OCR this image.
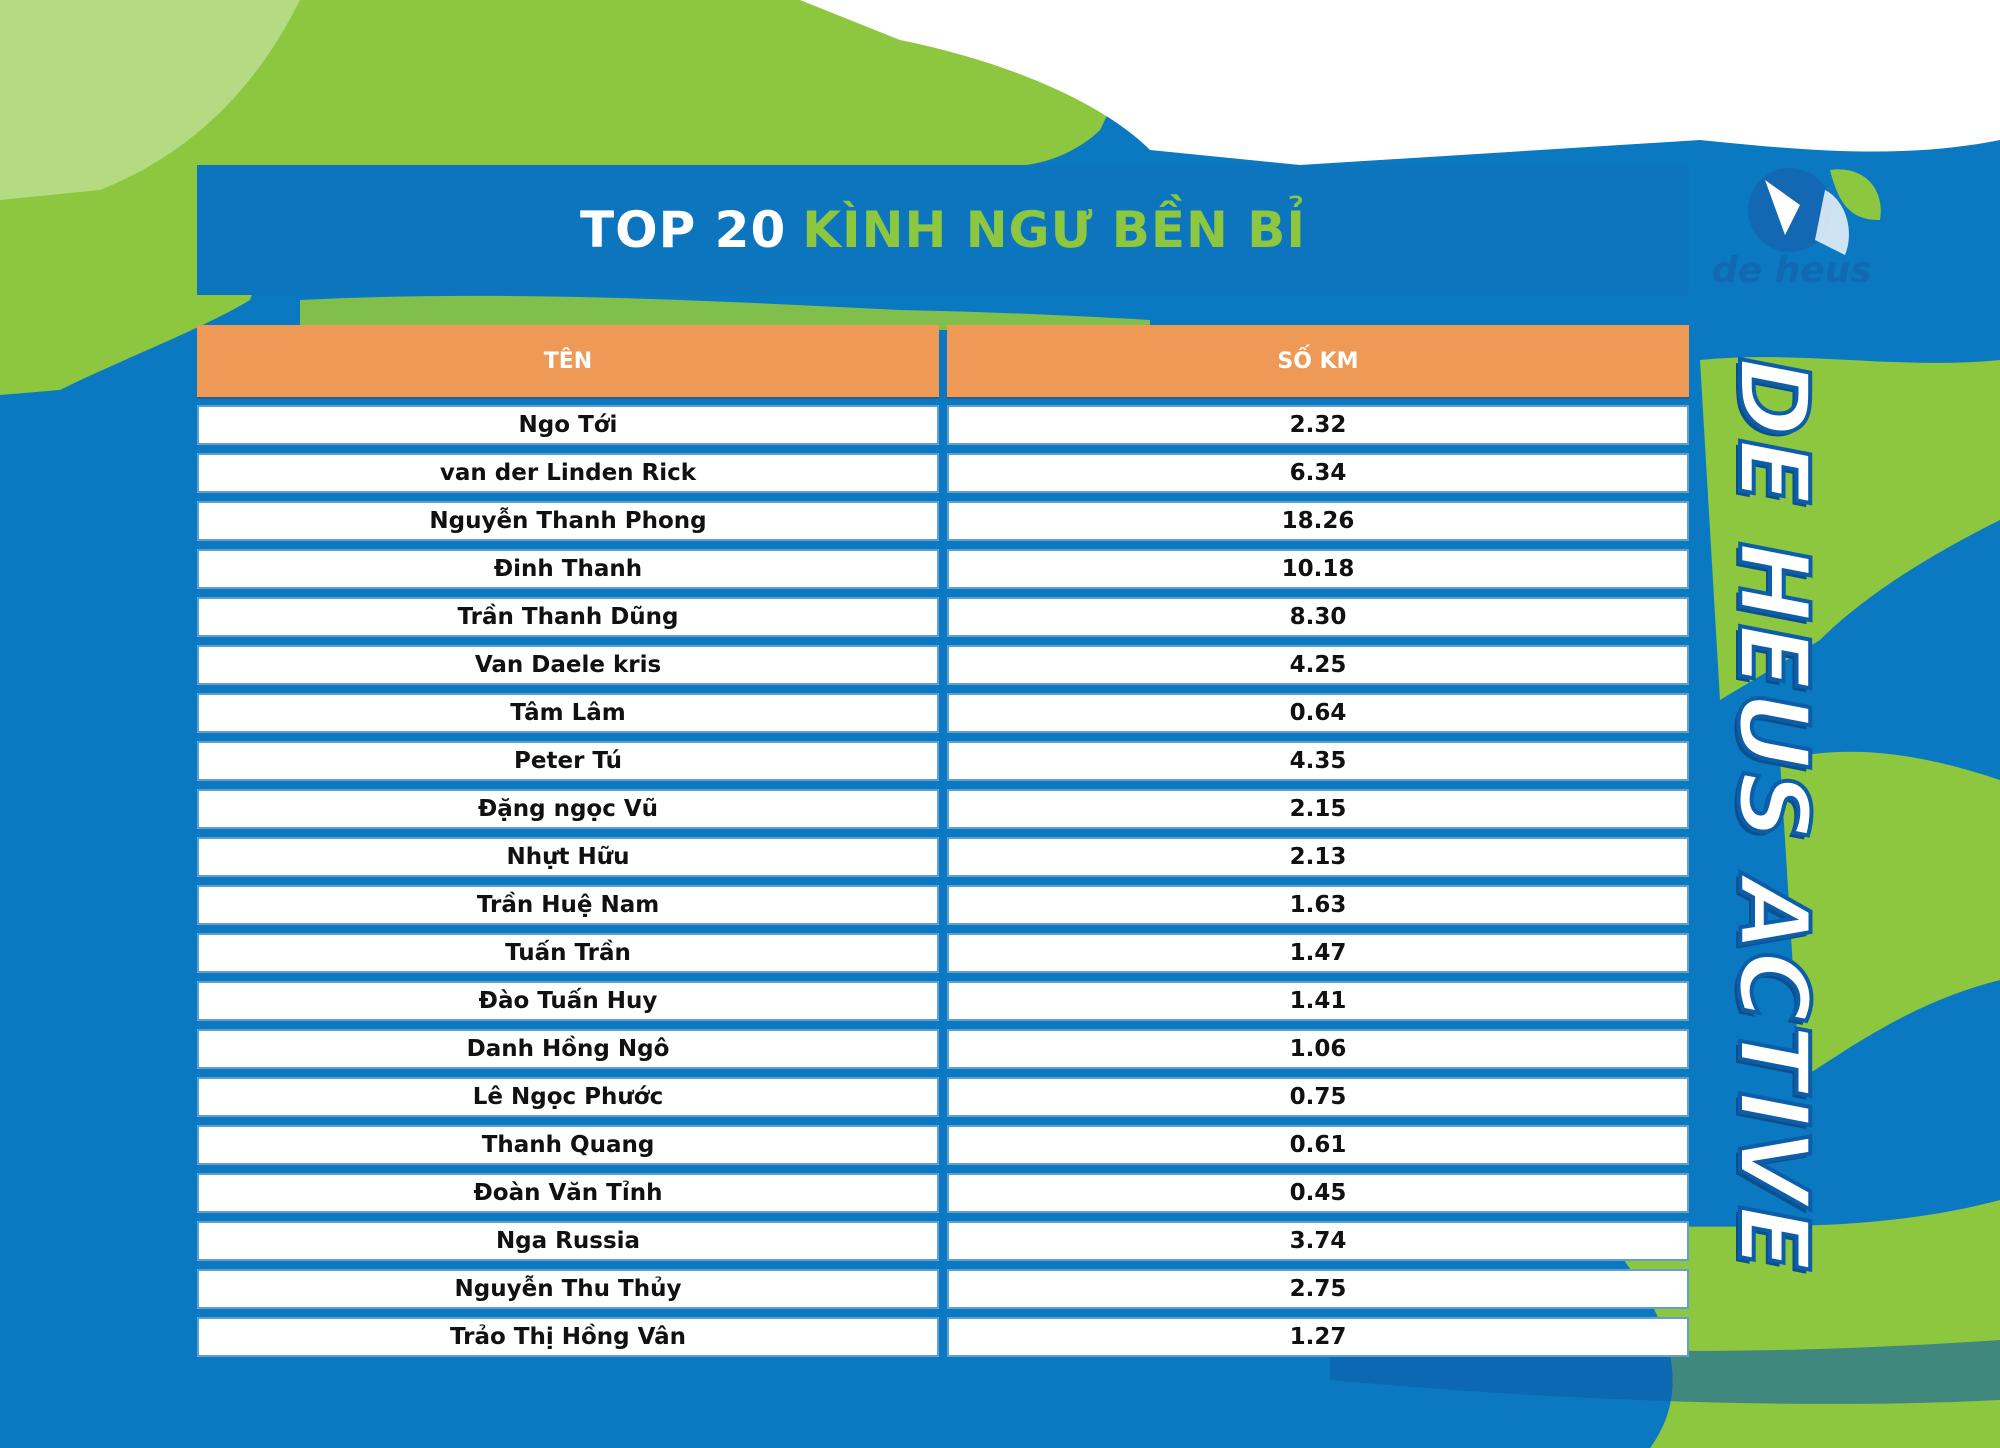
TOP 20 KÌNH NGƯ BỀN BỈ
TÊN	SỐ KM
Ngo Tới	2.32
van der Linden Rick	6.34
Nguyễn Thanh Phong	18.26
Đinh Thanh	10.18
Trần Thanh Dũng	8.30
Van Daele kris	4.25
Tâm Lâm	0.64
Peter Tú	4.35
Đặng ngọc Vũ	2.15
Nhựt Hữu	2.13
Trần Huệ Nam	1.63
Tuấn Trần	1.47
Đào Tuấn Huy	1.41
Danh Hồng Ngô	1.06
Lê Ngọc Phước	0.75
Thanh Quang	0.61
Đoàn Văn Tỉnh	0.45
Nga Russia	3.74
Nguyễn Thu Thủy	2.75
Trảo Thị Hồng Vân	1.27
de heus
DE HEUS ACTIVE
